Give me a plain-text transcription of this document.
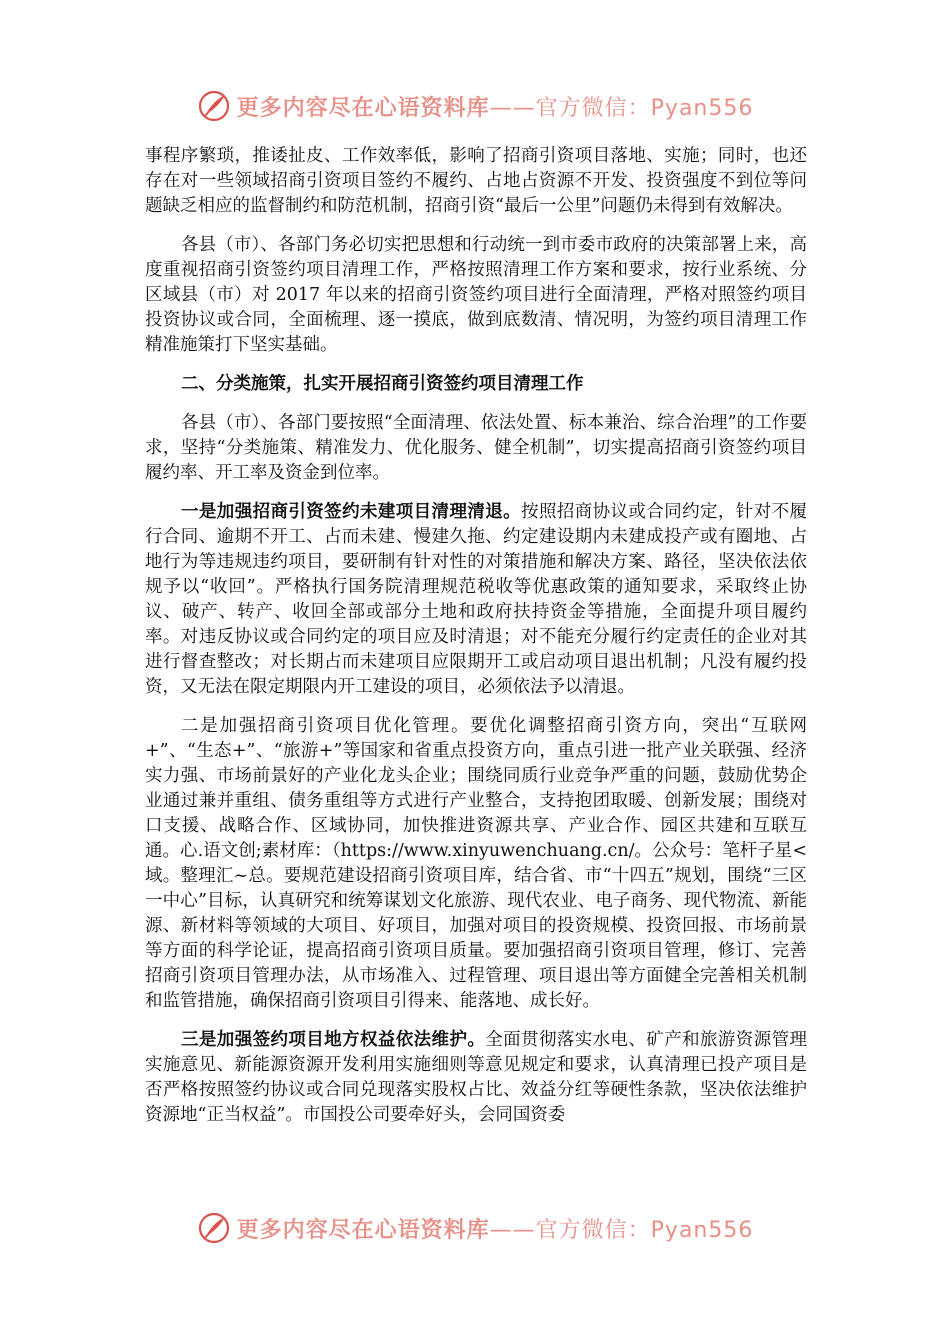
更多内容尽在心语资料库——官方微信：Pyan556

事程序繁琐，推诿扯皮、工作效率低，影响了招商引资项目落地、实施；同时，也还存在对一些领域招商引资项目签约不履约、占地占资源不开发、投资强度不到位等问题缺乏相应的监督制约和防范机制，招商引资“最后一公里”问题仍未得到有效解决。

各县（市）、各部门务必切实把思想和行动统一到市委市政府的决策部署上来，高度重视招商引资签约项目清理工作，严格按照清理工作方案和要求，按行业系统、分区域县（市）对 2017 年以来的招商引资签约项目进行全面清理，严格对照签约项目投资协议或合同，全面梳理、逐一摸底，做到底数清、情况明，为签约项目清理工作精准施策打下坚实基础。

二、分类施策，扎实开展招商引资签约项目清理工作

各县（市）、各部门要按照“全面清理、依法处置、标本兼治、综合治理”的工作要求，坚持“分类施策、精准发力、优化服务、健全机制”，切实提高招商引资签约项目履约率、开工率及资金到位率。

一是加强招商引资签约未建项目清理清退。按照招商协议或合同约定，针对不履行合同、逾期不开工、占而未建、慢建久拖、约定建设期内未建成投产或有圈地、占地行为等违规违约项目，要研制有针对性的对策措施和解决方案、路径，坚决依法依规予以“收回”。严格执行国务院清理规范税收等优惠政策的通知要求，采取终止协议、破产、转产、收回全部或部分土地和政府扶持资金等措施，全面提升项目履约率。对违反协议或合同约定的项目应及时清退；对不能充分履行约定责任的企业对其进行督查整改；对长期占而未建项目应限期开工或启动项目退出机制；凡没有履约投资，又无法在限定期限内开工建设的项目，必须依法予以清退。

二是加强招商引资项目优化管理。要优化调整招商引资方向，突出“互联网+”、“生态+”、“旅游+”等国家和省重点投资方向，重点引进一批产业关联强、经济实力强、市场前景好的产业化龙头企业；围绕同质行业竞争严重的问题，鼓励优势企业通过兼并重组、债务重组等方式进行产业整合，支持抱团取暖、创新发展；围绕对口支援、战略合作、区域协同，加快推进资源共享、产业合作、园区共建和互联互通。心.语文创;素材库：（https://www.xinyuwenchuang.cn/。公众号：笔杆子星<域。整理汇~总。要规范建设招商引资项目库，结合省、市“十四五”规划，围绕“三区一中心”目标，认真研究和统筹谋划文化旅游、现代农业、电子商务、现代物流、新能源、新材料等领域的大项目、好项目，加强对项目的投资规模、投资回报、市场前景等方面的科学论证，提高招商引资项目质量。要加强招商引资项目管理，修订、完善招商引资项目管理办法，从市场准入、过程管理、项目退出等方面健全完善相关机制和监管措施，确保招商引资项目引得来、能落地、成长好。

三是加强签约项目地方权益依法维护。全面贯彻落实水电、矿产和旅游资源管理实施意见、新能源资源开发利用实施细则等意见规定和要求，认真清理已投产项目是否严格按照签约协议或合同兑现落实股权占比、效益分红等硬性条款，坚决依法维护资源地“正当权益”。市国投公司要牵好头，会同国资委

更多内容尽在心语资料库——官方微信：Pyan556
